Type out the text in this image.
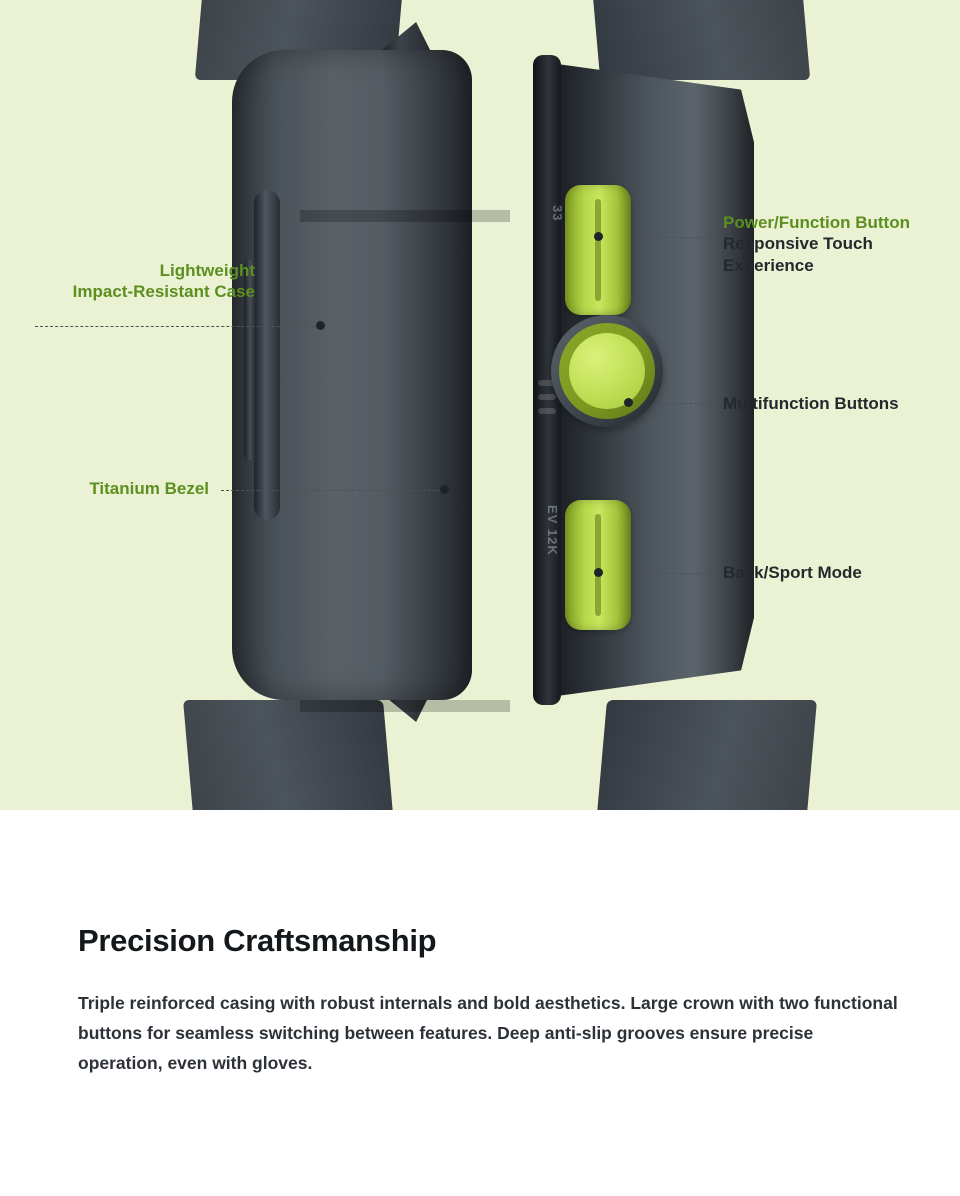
33
EV 12K
Lightweight
Impact-Resistant Case
Titanium Bezel
Power/Function Button
Responsive Touch
Experience
Multifunction Buttons
Back/Sport Mode
Precision Craftsmanship

Triple reinforced casing with robust internals and bold aesthetics. Large crown with two functional buttons for seamless switching between features. Deep anti-slip grooves ensure precise operation, even with gloves.
